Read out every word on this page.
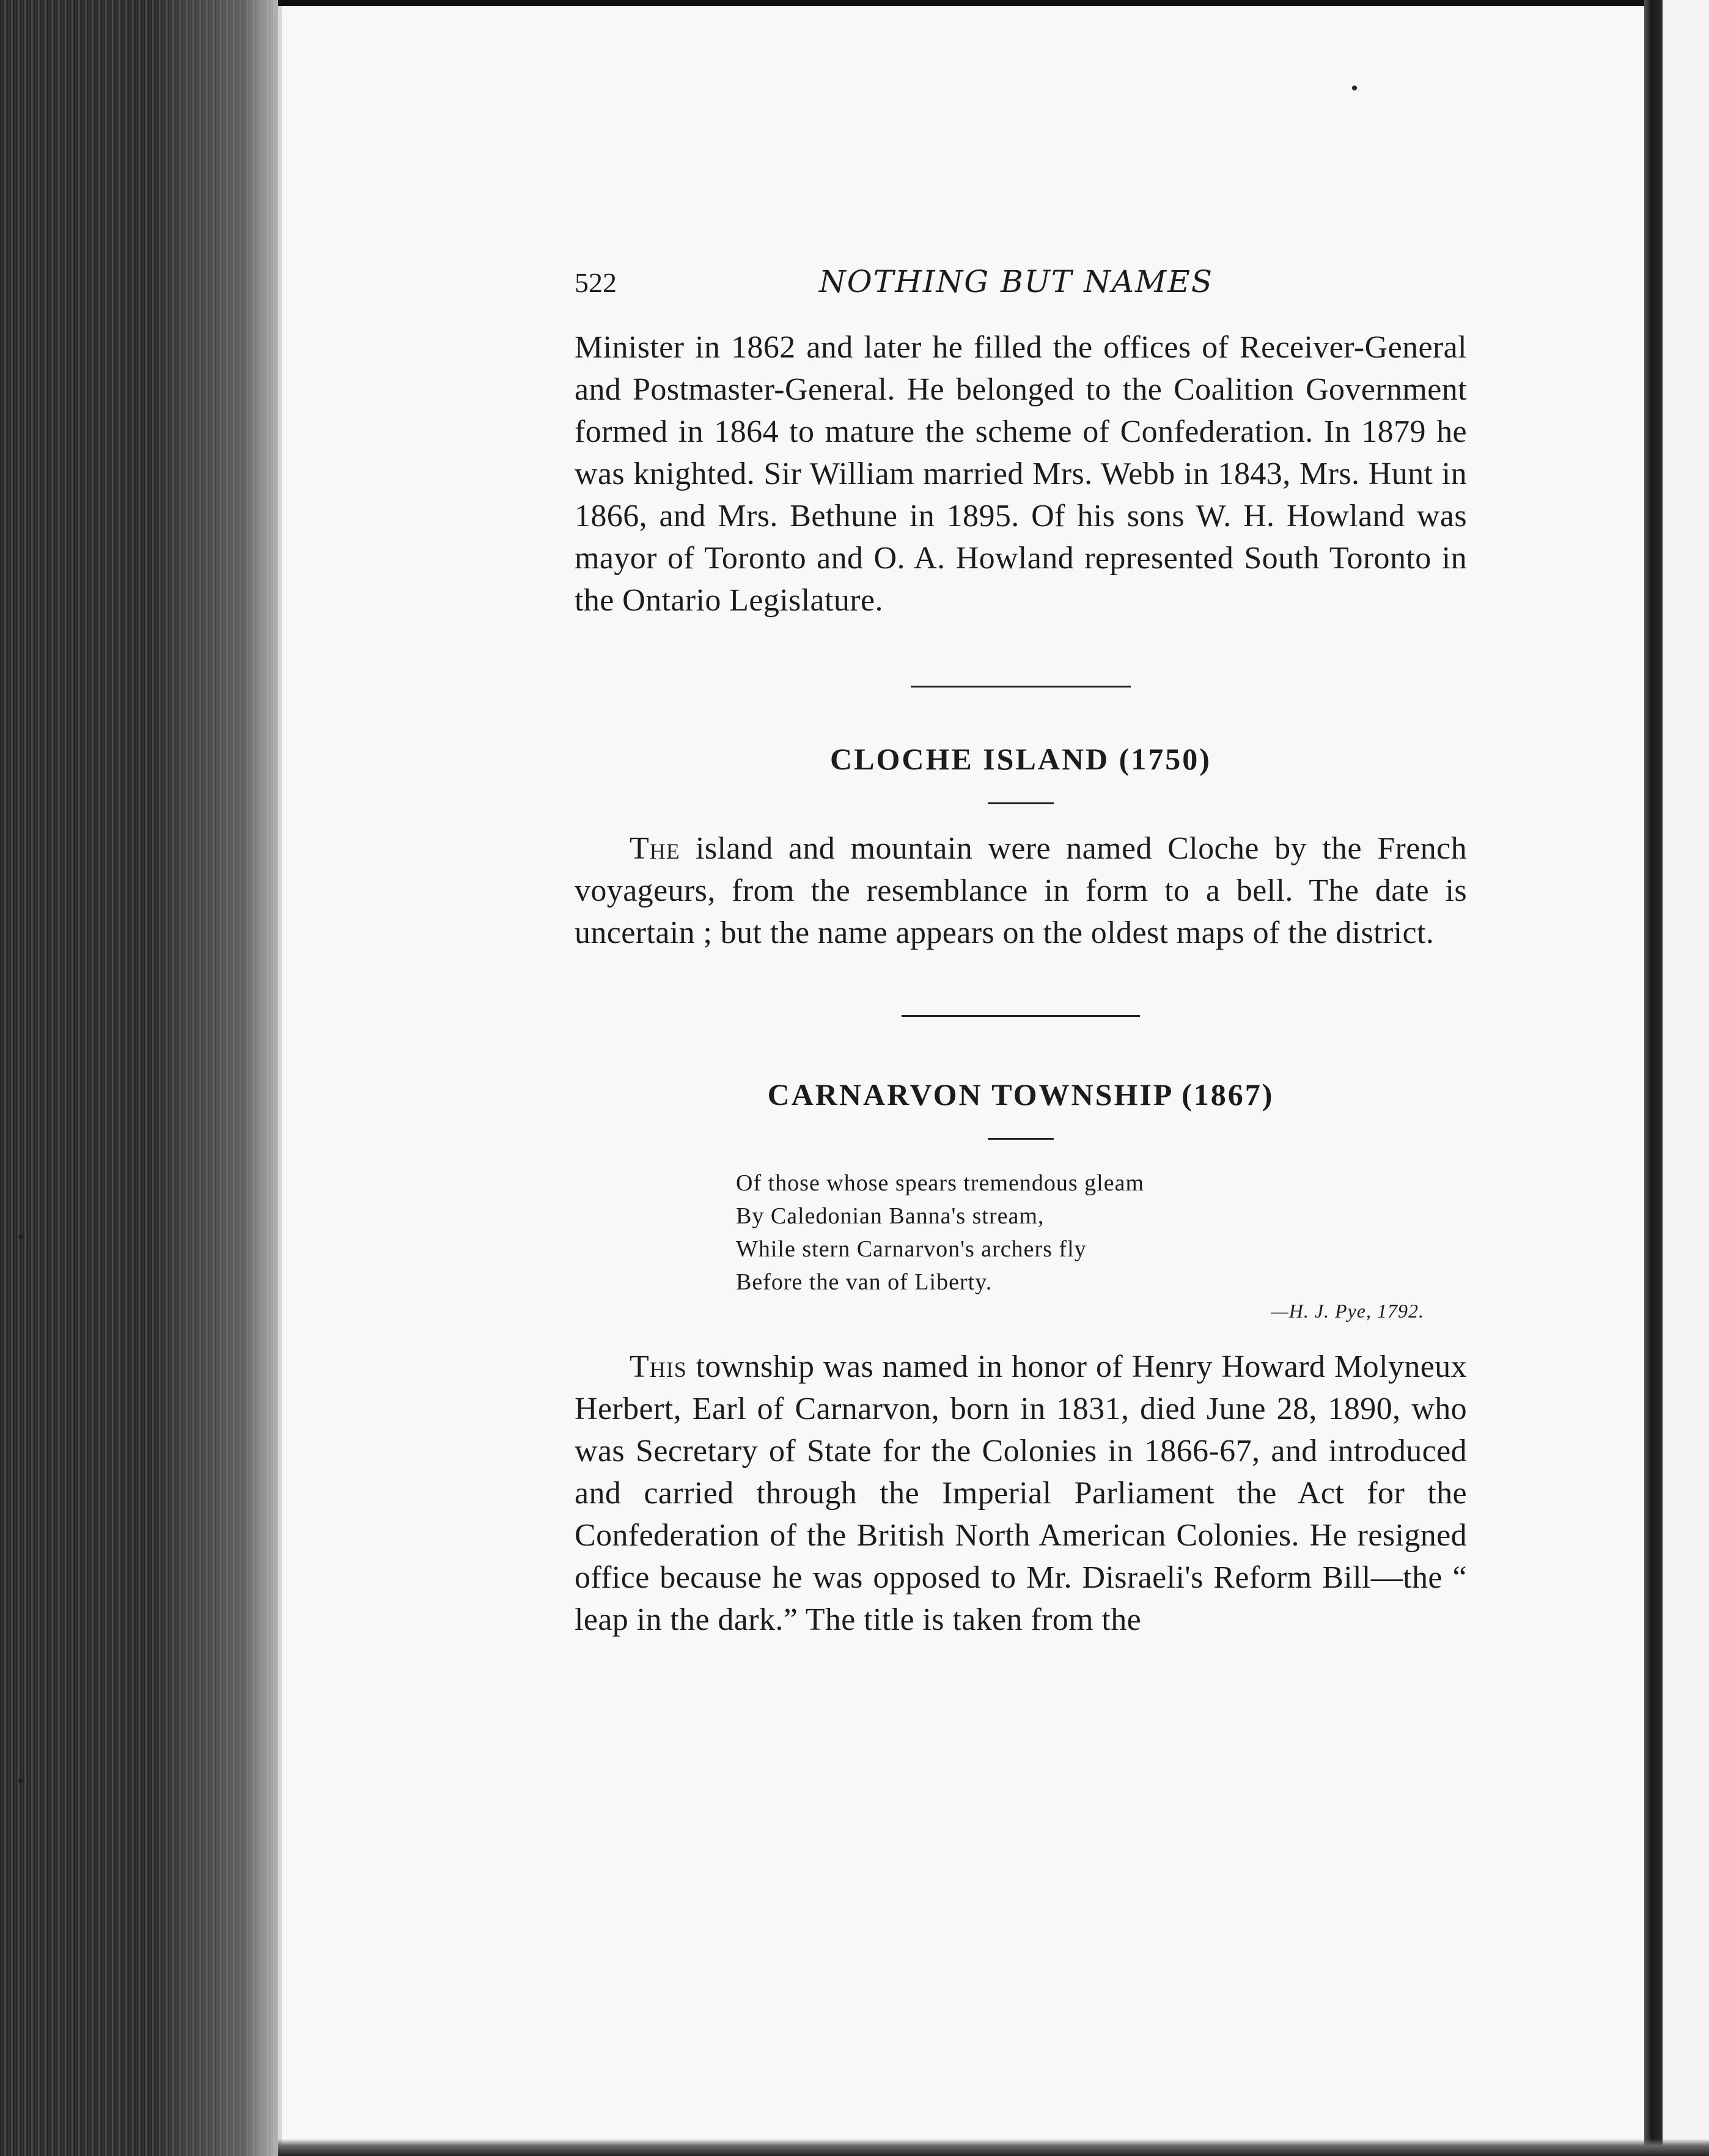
522	NOTHING BUT NAMES

Minister in 1862 and later he filled the offices of Receiver-General and Postmaster-General. He belonged to the Coalition Government formed in 1864 to mature the scheme of Confederation. In 1879 he was knighted. Sir William married Mrs. Webb in 1843, Mrs. Hunt in 1866, and Mrs. Bethune in 1895. Of his sons W. H. Howland was mayor of Toronto and O. A. Howland represented South Toronto in the Ontario Legislature.

CLOCHE ISLAND (1750)

The island and mountain were named Cloche by the French voyageurs, from the resemblance in form to a bell. The date is uncertain ; but the name appears on the oldest maps of the district.

CARNARVON TOWNSHIP (1867)
Of those whose spears tremendous gleam
By Caledonian Banna's stream,
While stern Carnarvon's archers fly
Before the van of Liberty.
—H. J. Pye, 1792.

This township was named in honor of Henry Howard Molyneux Herbert, Earl of Carnarvon, born in 1831, died June 28, 1890, who was Secretary of State for the Colonies in 1866-67, and introduced and carried through the Imperial Parliament the Act for the Confederation of the British North American Colonies. He resigned office because he was opposed to Mr. Disraeli's Reform Bill—the “ leap in the dark.” The title is taken from the
